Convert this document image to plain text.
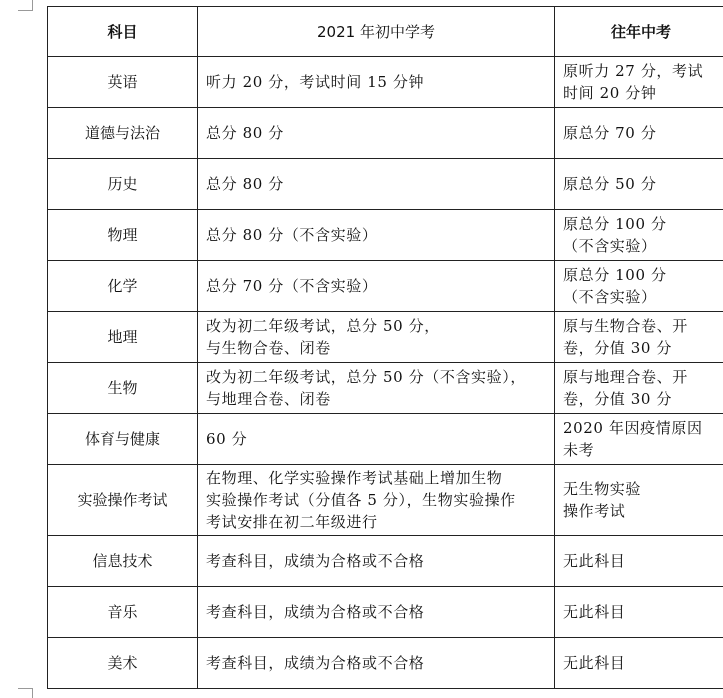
科目	2021 年初中学考	往年中考
英语	听力 20 分，考试时间 15 分钟	原听力 27 分，考试
时间 20 分钟
道德与法治	总分 80 分	原总分 70 分
历史	总分 80 分	原总分 50 分
物理	总分 80 分（不含实验）	原总分 100 分
（不含实验）
化学	总分 70 分（不含实验）	原总分 100 分
（不含实验）
地理	改为初二年级考试，总分 50 分，
与生物合卷、闭卷	原与生物合卷、开
卷，分值 30 分
生物	改为初二年级考试，总分 50 分（不含实验），
与地理合卷、闭卷	原与地理合卷、开
卷，分值 30 分
体育与健康	60 分	2020 年因疫情原因
未考
实验操作考试	在物理、化学实验操作考试基础上增加生物
实验操作考试（分值各 5 分），生物实验操作
考试安排在初二年级进行	无生物实验
操作考试
信息技术	考查科目，成绩为合格或不合格	无此科目
音乐	考查科目，成绩为合格或不合格	无此科目
美术	考查科目，成绩为合格或不合格	无此科目
